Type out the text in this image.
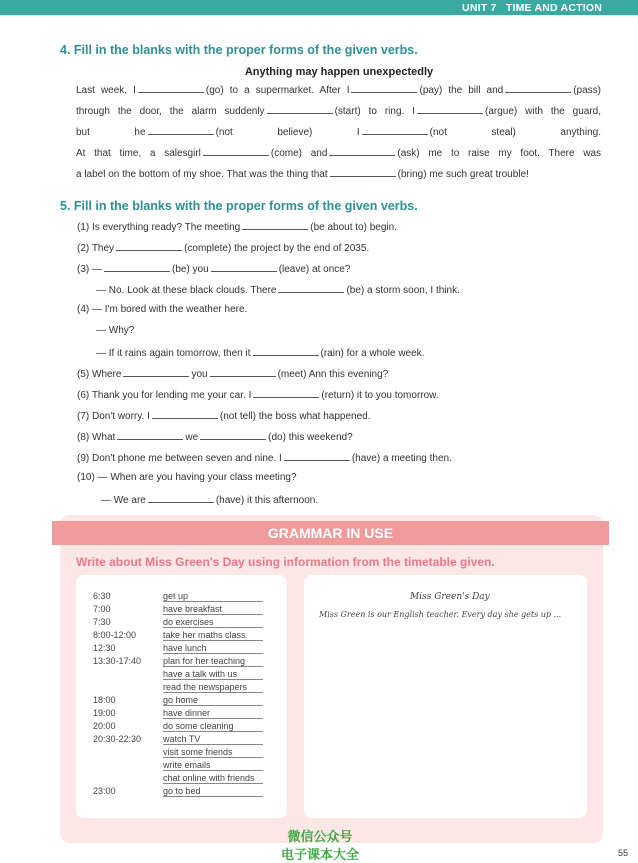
UNIT 7 TIME AND ACTION
4. Fill in the blanks with the proper forms of the given verbs.
Anything may happen unexpectedly
Last week, I	(go) to a supermarket. After I	(pay) the bill and	(pass)
through the door, the alarm suddenly	(start) to ring. I	(argue) with the guard,
but he	(not believe) I	(not steal) anything.
At that time, a salesgirl	(come) and	(ask) me to raise my foot. There was
a label on the bottom of my shoe. That was the thing that	(bring) me such great trouble!
5. Fill in the blanks with the proper forms of the given verbs.
(1) Is everything ready? The meeting	(be about to) begin.
(2) They	(complete) the project by the end of 2035.
(3) —	(be) you	(leave) at once?
— No. Look at these black clouds. There	(be) a storm soon, I think.
(4) — I'm bored with the weather here.
— Why?
— If it rains again tomorrow, then it	(rain) for a whole week.
(5) Where	you	(meet) Ann this evening?
(6) Thank you for lending me your car. I	(return) it to you tomorrow.
(7) Don't worry. I	(not tell) the boss what happened.
(8) What	we	(do) this weekend?
(9) Don't phone me between seven and nine. I	(have) a meeting then.
(10) — When are you having your class meeting?
— We are	(have) it this afternoon.
GRAMMAR IN USE
Write about Miss Green's Day using information from the timetable given.
6:30	get up
7:00	have breakfast
7:30	do exercises
8:00-12:00	take her maths class
12:30	have lunch
13:30-17:40 plan for her teaching
have a talk with us
read the newspapers
18:00	go home
19:00	have dinner
20:00	do some cleaning
20:30-22:30 watch TV
visit some friends
write emails
chat online with friends
23:00	go to bed
Miss Green's Day
Miss Green is our English teacher. Every day she gets up ...
微信公众号
电子课本大全	55
